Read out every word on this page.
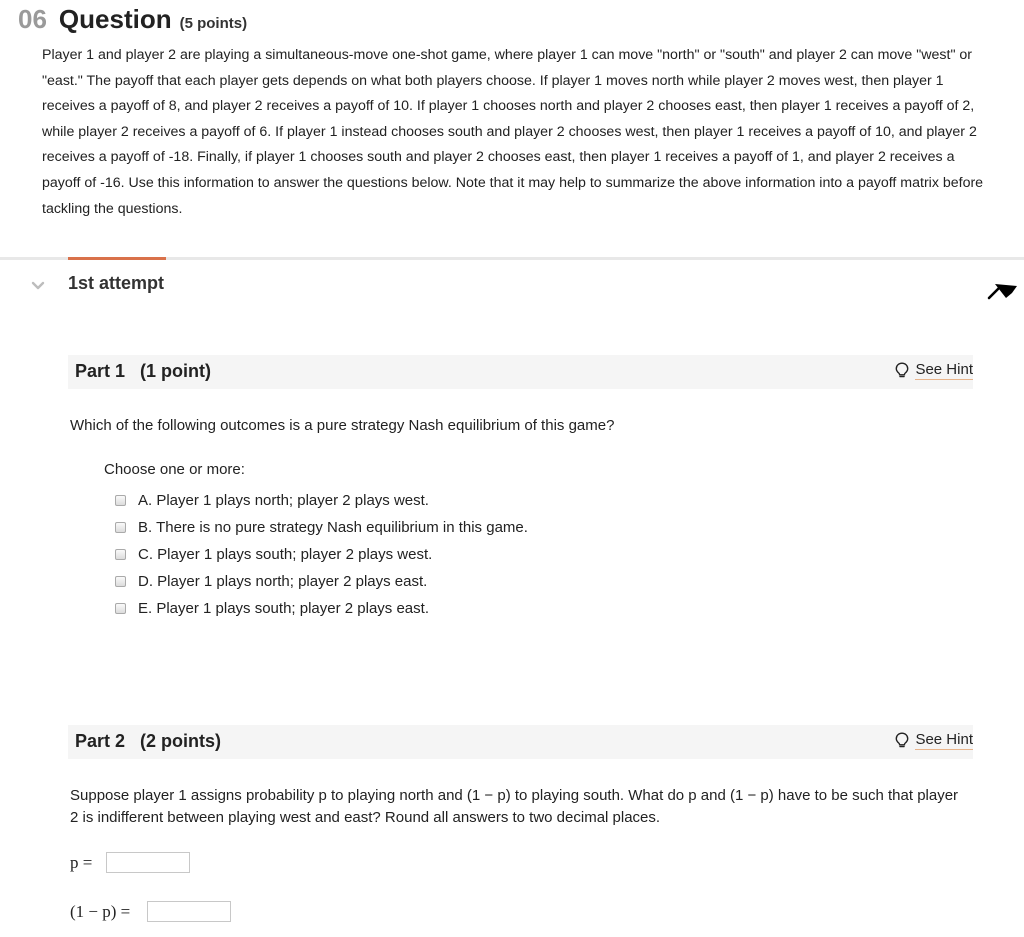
06 Question (5 points)
Player 1 and player 2 are playing a simultaneous-move one-shot game, where player 1 can move "north" or "south" and player 2 can move "west" or "east." The payoff that each player gets depends on what both players choose. If player 1 moves north while player 2 moves west, then player 1 receives a payoff of 8, and player 2 receives a payoff of 10. If player 1 chooses north and player 2 chooses east, then player 1 receives a payoff of 2, while player 2 receives a payoff of 6. If player 1 instead chooses south and player 2 chooses west, then player 1 receives a payoff of 10, and player 2 receives a payoff of -18. Finally, if player 1 chooses south and player 2 chooses east, then player 1 receives a payoff of 1, and player 2 receives a payoff of -16. Use this information to answer the questions below. Note that it may help to summarize the above information into a payoff matrix before tackling the questions.
1st attempt
Part 1   (1 point)	See Hint
Which of the following outcomes is a pure strategy Nash equilibrium of this game?
Choose one or more:
A. Player 1 plays north; player 2 plays west.
B. There is no pure strategy Nash equilibrium in this game.
C. Player 1 plays south; player 2 plays west.
D. Player 1 plays north; player 2 plays east.
E. Player 1 plays south; player 2 plays east.
Part 2   (2 points)	See Hint
Suppose player 1 assigns probability p to playing north and (1 − p) to playing south. What do p and (1 − p) have to be such that player
2 is indifferent between playing west and east? Round all answers to two decimal places.
p =
(1 − p) =
